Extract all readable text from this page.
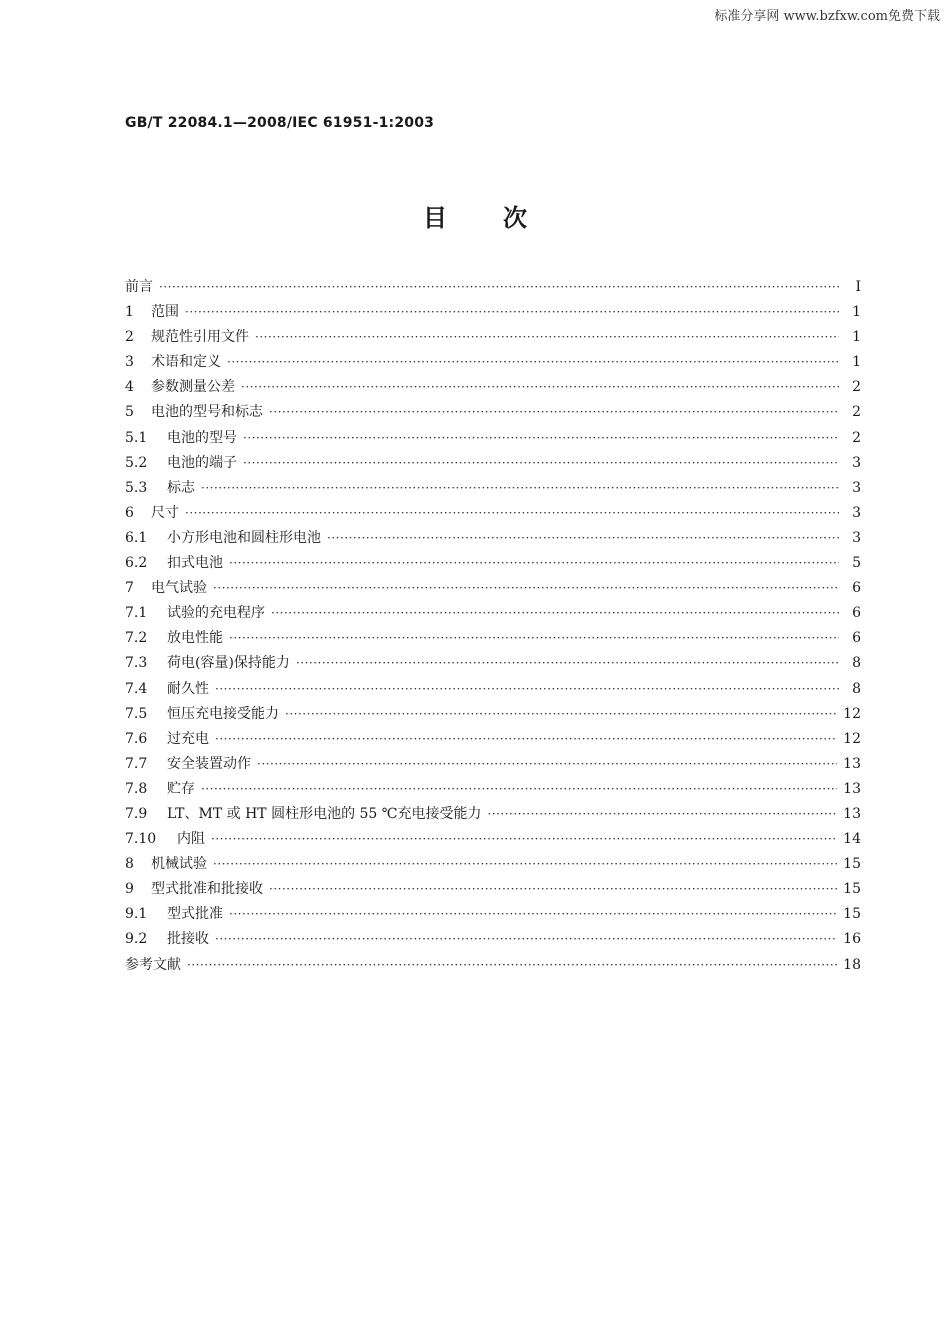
标准分享网 www.bzfxw.com免费下载
GB/T 22084.1—2008/IEC 61951-1:2003
目次
前言 ·····	Ⅰ
1	范围 ·····	1
2	规范性引用文件 ·····	1
3	术语和定义 ·····	1
4	参数测量公差 ·····	2
5	电池的型号和标志 ·····	2
5.1	电池的型号 ·····	2
5.2	电池的端子 ·····	3
5.3	标志 ·····	3
6	尺寸 ·····	3
6.1	小方形电池和圆柱形电池 ·····	3
6.2	扣式电池 ·····	5
7	电气试验 ·····	6
7.1	试验的充电程序 ·····	6
7.2	放电性能 ·····	6
7.3	荷电(容量)保持能力 ·····	8
7.4	耐久性 ·····	8
7.5	恒压充电接受能力 ·····	12
7.6	过充电 ·····	12
7.7	安全装置动作 ·····	13
7.8	贮存 ·····	13
7.9	LT、MT 或 HT 圆柱形电池的 55 ℃充电接受能力 ·····	13
7.10	内阻 ·····	14
8	机械试验 ·····	15
9	型式批准和批接收 ·····	15
9.1	型式批准 ·····	15
9.2	批接收 ·····	16
参考文献 ·····	18
